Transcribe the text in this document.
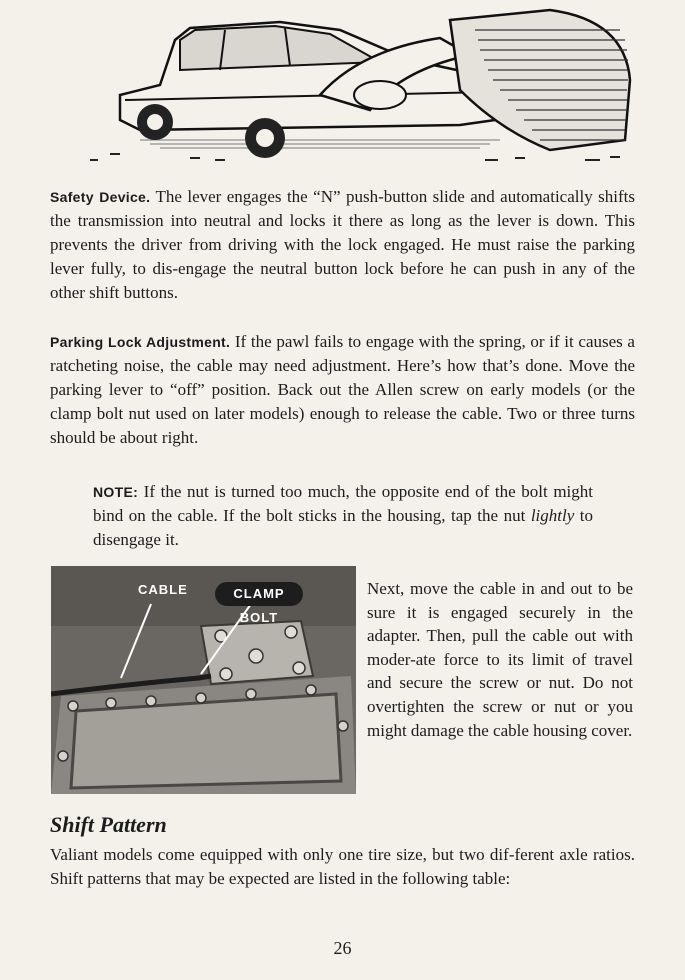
Safety Device. The lever engages the “N” push-button slide and automatically shifts the transmission into neutral and locks it there as long as the lever is down. This prevents the driver from driving with the lock engaged. He must raise the parking lever fully, to dis-engage the neutral button lock before he can push in any of the other shift buttons.

Parking Lock Adjustment. If the pawl fails to engage with the spring, or if it causes a ratcheting noise, the cable may need adjustment. Here’s how that’s done. Move the parking lever to “off” position. Back out the Allen screw on early models (or the clamp bolt nut used on later models) enough to release the cable. Two or three turns should be about right.

NOTE: If the nut is turned too much, the opposite end of the bolt might bind on the cable. If the bolt sticks in the housing, tap the nut lightly to disengage it.

CABLE	CLAMP BOLT

Next, move the cable in and out to be sure it is engaged securely in the adapter. Then, pull the cable out with moder-ate force to its limit of travel and secure the screw or nut. Do not overtighten the screw or nut or you might damage the cable housing cover.

Shift Pattern

Valiant models come equipped with only one tire size, but two dif-ferent axle ratios. Shift patterns that may be expected are listed in the following table:

26
